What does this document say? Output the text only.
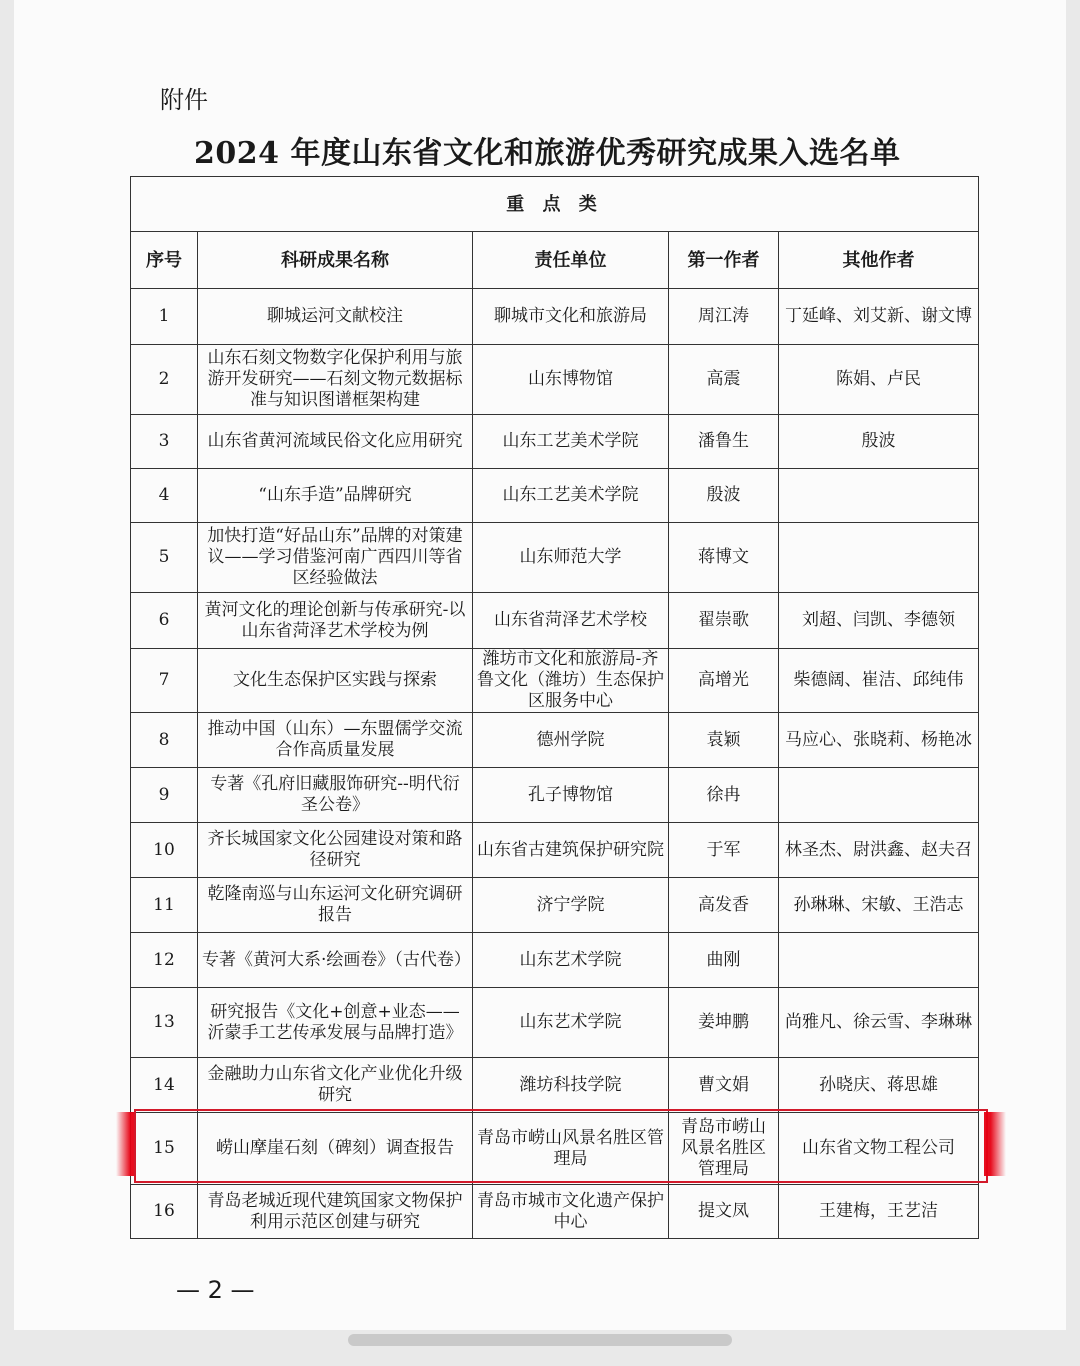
附件
2024 年度山东省文化和旅游优秀研究成果入选名单
重 点 类				
序号	科研成果名称	责任单位	第一作者	其他作者
1	聊城运河文献校注	聊城市文化和旅游局	周江涛	丁延峰、刘艾新、谢文博
2	山东石刻文物数字化保护利用与旅游开发研究——石刻文物元数据标准与知识图谱框架构建	山东博物馆	高震	陈娟、卢民
3	山东省黄河流域民俗文化应用研究	山东工艺美术学院	潘鲁生	殷波
4	“山东手造”品牌研究	山东工艺美术学院	殷波	
5	加快打造“好品山东”品牌的对策建议——学习借鉴河南广西四川等省区经验做法	山东师范大学	蒋博文	
6	黄河文化的理论创新与传承研究-以山东省菏泽艺术学校为例	山东省菏泽艺术学校	翟崇歌	刘超、闫凯、李德领
7	文化生态保护区实践与探索	潍坊市文化和旅游局-齐鲁文化（潍坊）生态保护区服务中心	高增光	柴德阔、崔洁、邱纯伟
8	推动中国（山东）—东盟儒学交流合作高质量发展	德州学院	袁颖	马应心、张晓莉、杨艳冰
9	专著《孔府旧藏服饰研究--明代衍圣公卷》	孔子博物馆	徐冉	
10	齐长城国家文化公园建设对策和路径研究	山东省古建筑保护研究院	于军	林圣杰、尉洪鑫、赵夫召
11	乾隆南巡与山东运河文化研究调研报告	济宁学院	高发香	孙琳琳、宋敏、王浩志
12	专著《黄河大系·绘画卷》（古代卷）	山东艺术学院	曲刚	
13	研究报告《文化+创意+业态——沂蒙手工艺传承发展与品牌打造》	山东艺术学院	姜坤鹏	尚雅凡、徐云雪、李琳琳
14	金融助力山东省文化产业优化升级研究	潍坊科技学院	曹文娟	孙晓庆、蒋思雄
15	崂山摩崖石刻（碑刻）调查报告	青岛市崂山风景名胜区管理局	青岛市崂山风景名胜区管理局	山东省文物工程公司
16	青岛老城近现代建筑国家文物保护利用示范区创建与研究	青岛市城市文化遗产保护中心	提文凤	王建梅，王艺洁
— 2 —
